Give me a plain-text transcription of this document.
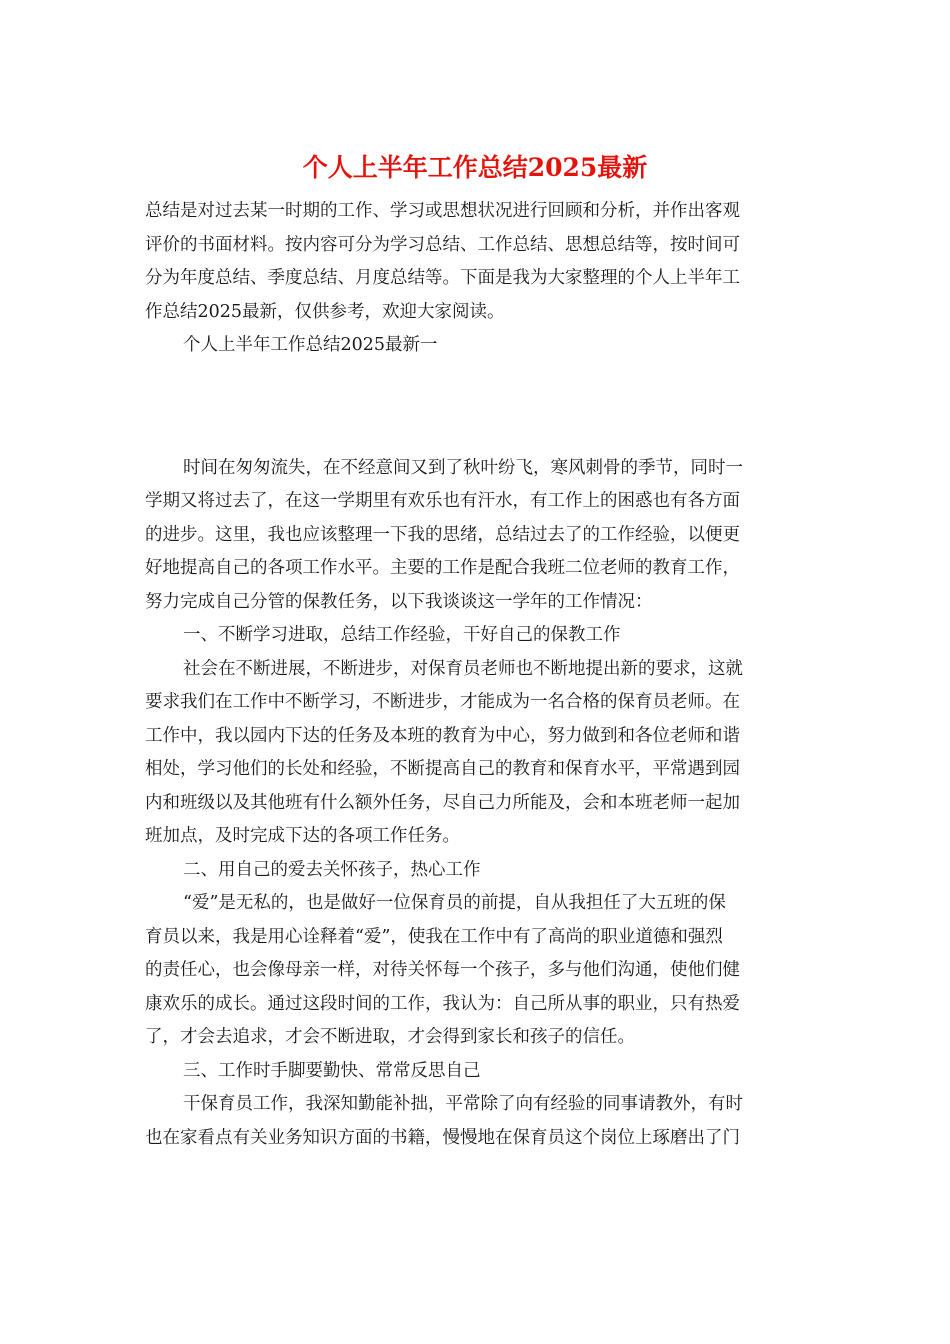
个人上半年工作总结2025最新
总结是对过去某一时期的工作、学习或思想状况进行回顾和分析，并作出客观
评价的书面材料。按内容可分为学习总结、工作总结、思想总结等，按时间可
分为年度总结、季度总结、月度总结等。下面是我为大家整理的个人上半年工
作总结2025最新，仅供参考，欢迎大家阅读。
个人上半年工作总结2025最新一
时间在匆匆流失，在不经意间又到了秋叶纷飞，寒风刺骨的季节，同时一
学期又将过去了，在这一学期里有欢乐也有汗水，有工作上的困惑也有各方面
的进步。这里，我也应该整理一下我的思绪，总结过去了的工作经验，以便更
好地提高自己的各项工作水平。主要的工作是配合我班二位老师的教育工作，
努力完成自己分管的保教任务，以下我谈谈这一学年的工作情况：
一、不断学习进取，总结工作经验，干好自己的保教工作
社会在不断进展，不断进步，对保育员老师也不断地提出新的要求，这就
要求我们在工作中不断学习，不断进步，才能成为一名合格的保育员老师。在
工作中，我以园内下达的任务及本班的教育为中心，努力做到和各位老师和谐
相处，学习他们的长处和经验，不断提高自己的教育和保育水平，平常遇到园
内和班级以及其他班有什么额外任务，尽自己力所能及，会和本班老师一起加
班加点，及时完成下达的各项工作任务。
二、用自己的爱去关怀孩子，热心工作
“爱”是无私的，也是做好一位保育员的前提，自从我担任了大五班的保
育员以来，我是用心诠释着“爱”，使我在工作中有了高尚的职业道德和强烈
的责任心，也会像母亲一样，对待关怀每一个孩子，多与他们沟通，使他们健
康欢乐的成长。通过这段时间的工作，我认为：自己所从事的职业，只有热爱
了，才会去追求，才会不断进取，才会得到家长和孩子的信任。
三、工作时手脚要勤快、常常反思自己
干保育员工作，我深知勤能补拙，平常除了向有经验的同事请教外，有时
也在家看点有关业务知识方面的书籍，慢慢地在保育员这个岗位上琢磨出了门
